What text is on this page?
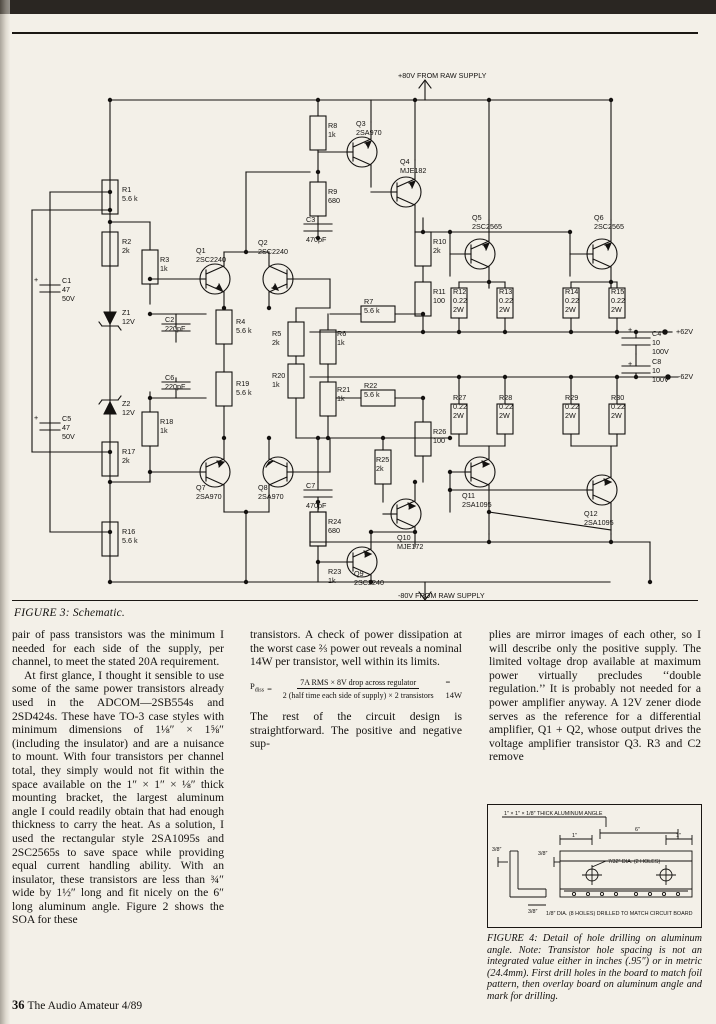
+80V FROM RAW SUPPLY
-80V FROM RAW SUPPLY
+62V
-62V
R1
5.6 k
R2
2k
R16
5.6 k
R17
2k
+	C1
47
50V
+	C5
47
50V
Z1
12V
Z2
12V
R3
1k
R18
1k
C2
220pF
C6
220pF
Q1
2SC2240
Q2
2SC2240
Q7
2SA970
Q8
2SA970
R4
5.6 k
R19
5.6 k
R5
2k
R20
1k
R8
1k
R9
680
C3
470pF
Q3
2SA970
Q4
MJE182
R10
2k
R11
100
Q5
2SC2565
Q6
2SC2565
R12
0.22
2W
R13
0.22
2W
R14
0.22
2W
R15
0.22
2W
R7
5.6 k
R6
1k
R21
1k
R22
5.6 k
+	C4
10
100V
+	C8
10
100V
R26
100
R27
0.22
2W
R28
0.22
2W
R29
0.22
2W
R30
0.22
2W
Q11
2SA1095
Q12
2SA1095
R25
2k
Q10
MJE172
R24
680
C7
470pF
Q9
2SC2240
R23
1k
FIGURE 3: Schematic.

pair of pass transistors was the minimum I needed for each side of the supply, per channel, to meet the stated 20A requirement.

At first glance, I thought it sensible to use some of the same power transistors already used in the ADCOM—2SB554s and 2SD424s. These have TO-3 case styles with minimum dimensions of 1⅛″ × 1⅝″ (including the insulator) and are a nuisance to mount. With four transistors per channel total, they simply would not fit within the space available on the 1″ × 1″ × ⅛″ thick mounting bracket, the largest aluminum angle I could readily obtain that had enough thickness to carry the heat. As a solution, I used the rectangular style 2SA1095s and 2SC2565s to save space while providing equal current handling ability. With an insulator, these transistors are less than ¾″ wide by 1½″ long and fit nicely on the 6″ long aluminum angle. Figure 2 shows the SOA for these

transistors. A check of power dissipation at the worst case ⅔ power out reveals a nominal 14W per transistor, well within its limits.

$P_{diss} = \frac{\text{7A RMS × 8V drop across regulator}}{\text{2 (half time each side of supply) × 2 transistors}} = 14W$

The rest of the circuit design is straightforward. The positive and negative sup-

plies are mirror images of each other, so I will describe only the positive supply. The limited voltage drop available at maximum power virtually precludes ‘‘double regulation.’’ It is probably not needed for a power amplifier anyway. A 12V zener diode serves as the reference for a differential amplifier, Q1 + Q2, whose output drives the voltage amplifier transistor Q3. R3 and C2 remove

1″ × 1″ × 1/8″ THICK ALUMINUM ANGLE
1″
6″
1″
3/8″
3/8″
3/8″
7/32″ DIA. (2 HOLES)
1/8″ DIA. (8 HOLES) DRILLED TO MATCH CIRCUIT BOARD
FIGURE 4: Detail of hole drilling on aluminum angle. Note: Transistor hole spacing is not an integrated value either in inches (.95″) or in metric (24.4mm). First drill holes in the board to match foil pattern, then overlay board on aluminum angle and mark for drilling.
36 The Audio Amateur 4/89
